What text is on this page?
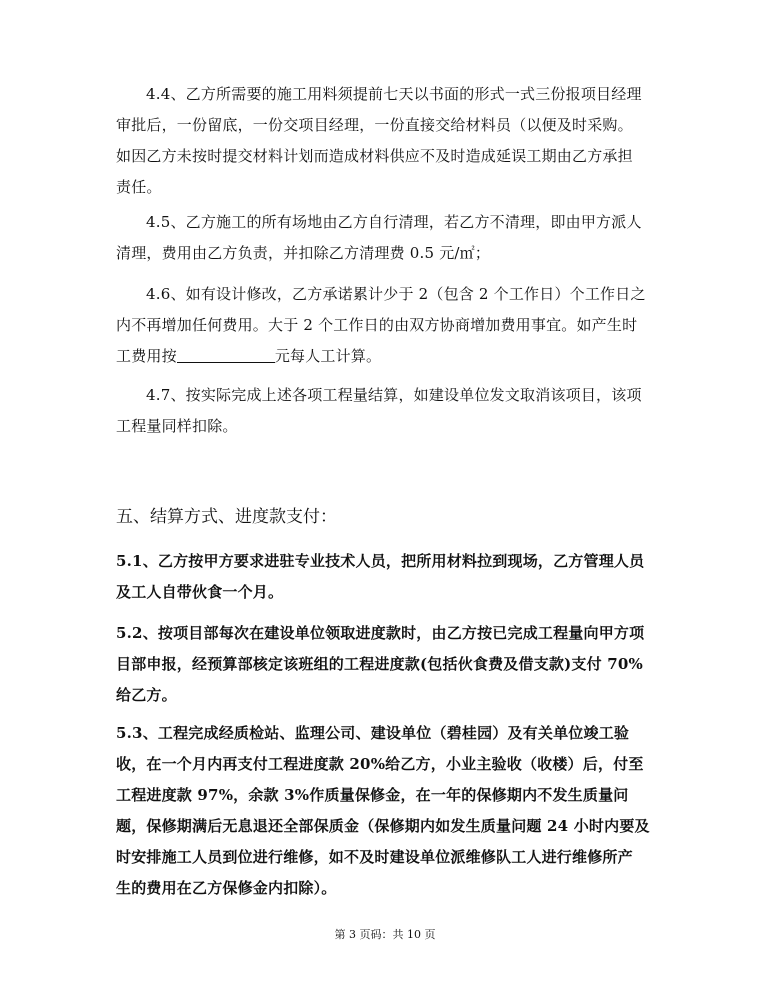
4.4、乙方所需要的施工用料须提前七天以书面的形式一式三份报项目经理
审批后，一份留底，一份交项目经理，一份直接交给材料员（以便及时采购。
如因乙方未按时提交材料计划而造成材料供应不及时造成延误工期由乙方承担
责任。
4.5、乙方施工的所有场地由乙方自行清理，若乙方不清理，即由甲方派人
清理，费用由乙方负责，并扣除乙方清理费 0.5 元/㎡；
4.6、如有设计修改，乙方承诺累计少于 2（包含 2 个工作日）个工作日之
内不再增加任何费用。大于 2 个工作日的由双方协商增加费用事宜。如产生时
工费用按	元每人工计算。
4.7、按实际完成上述各项工程量结算，如建设单位发文取消该项目，该项
工程量同样扣除。
五、结算方式、进度款支付：
5.1、乙方按甲方要求进驻专业技术人员，把所用材料拉到现场，乙方管理人员
及工人自带伙食一个月。
5.2、按项目部每次在建设单位领取进度款时，由乙方按已完成工程量向甲方项
目部申报，经预算部核定该班组的工程进度款(包括伙食费及借支款)支付 70%
给乙方。
5.3、工程完成经质检站、监理公司、建设单位（碧桂园）及有关单位竣工验
收，在一个月内再支付工程进度款 20%给乙方，小业主验收（收楼）后，付至
工程进度款 97%，余款 3%作质量保修金，在一年的保修期内不发生质量问
题，保修期满后无息退还全部保质金（保修期内如发生质量问题 24 小时内要及
时安排施工人员到位进行维修，如不及时建设单位派维修队工人进行维修所产
生的费用在乙方保修金内扣除）。
第 3 页码：共 10 页
